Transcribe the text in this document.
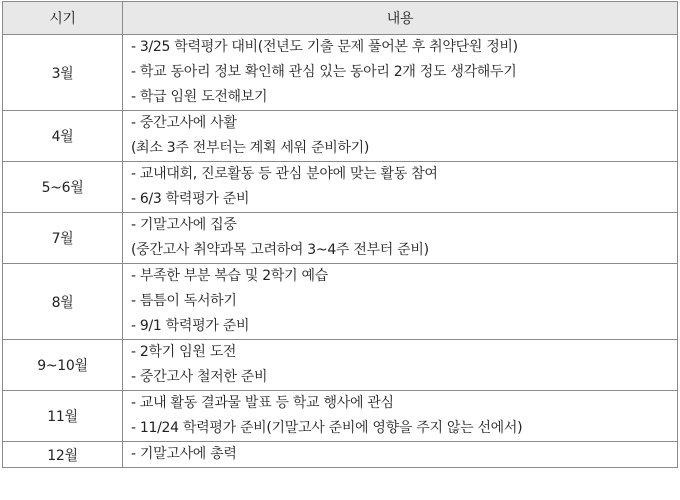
시기	내용
3월	- 3/25 학력평가 대비(전년도 기출 문제 풀어본 후 취약단원 정비)
- 학교 동아리 정보 확인해 관심 있는 동아리 2개 정도 생각해두기
- 학급 임원 도전해보기

4월	- 중간고사에 사활
(최소 3주 전부터는 계획 세워 준비하기)

5~6월	- 교내대회, 진로활동 등 관심 분야에 맞는 활동 참여
- 6/3 학력평가 준비

7월	- 기말고사에 집중
(중간고사 취약과목 고려하여 3~4주 전부터 준비)

8월	- 부족한 부분 복습 및 2학기 예습
- 틈틈이 독서하기
- 9/1 학력평가 준비

9~10월	- 2학기 임원 도전
- 중간고사 철저한 준비

11월	- 교내 활동 결과물 발표 등 학교 행사에 관심
- 11/24 학력평가 준비(기말고사 준비에 영향을 주지 않는 선에서)

12월	- 기말고사에 총력
